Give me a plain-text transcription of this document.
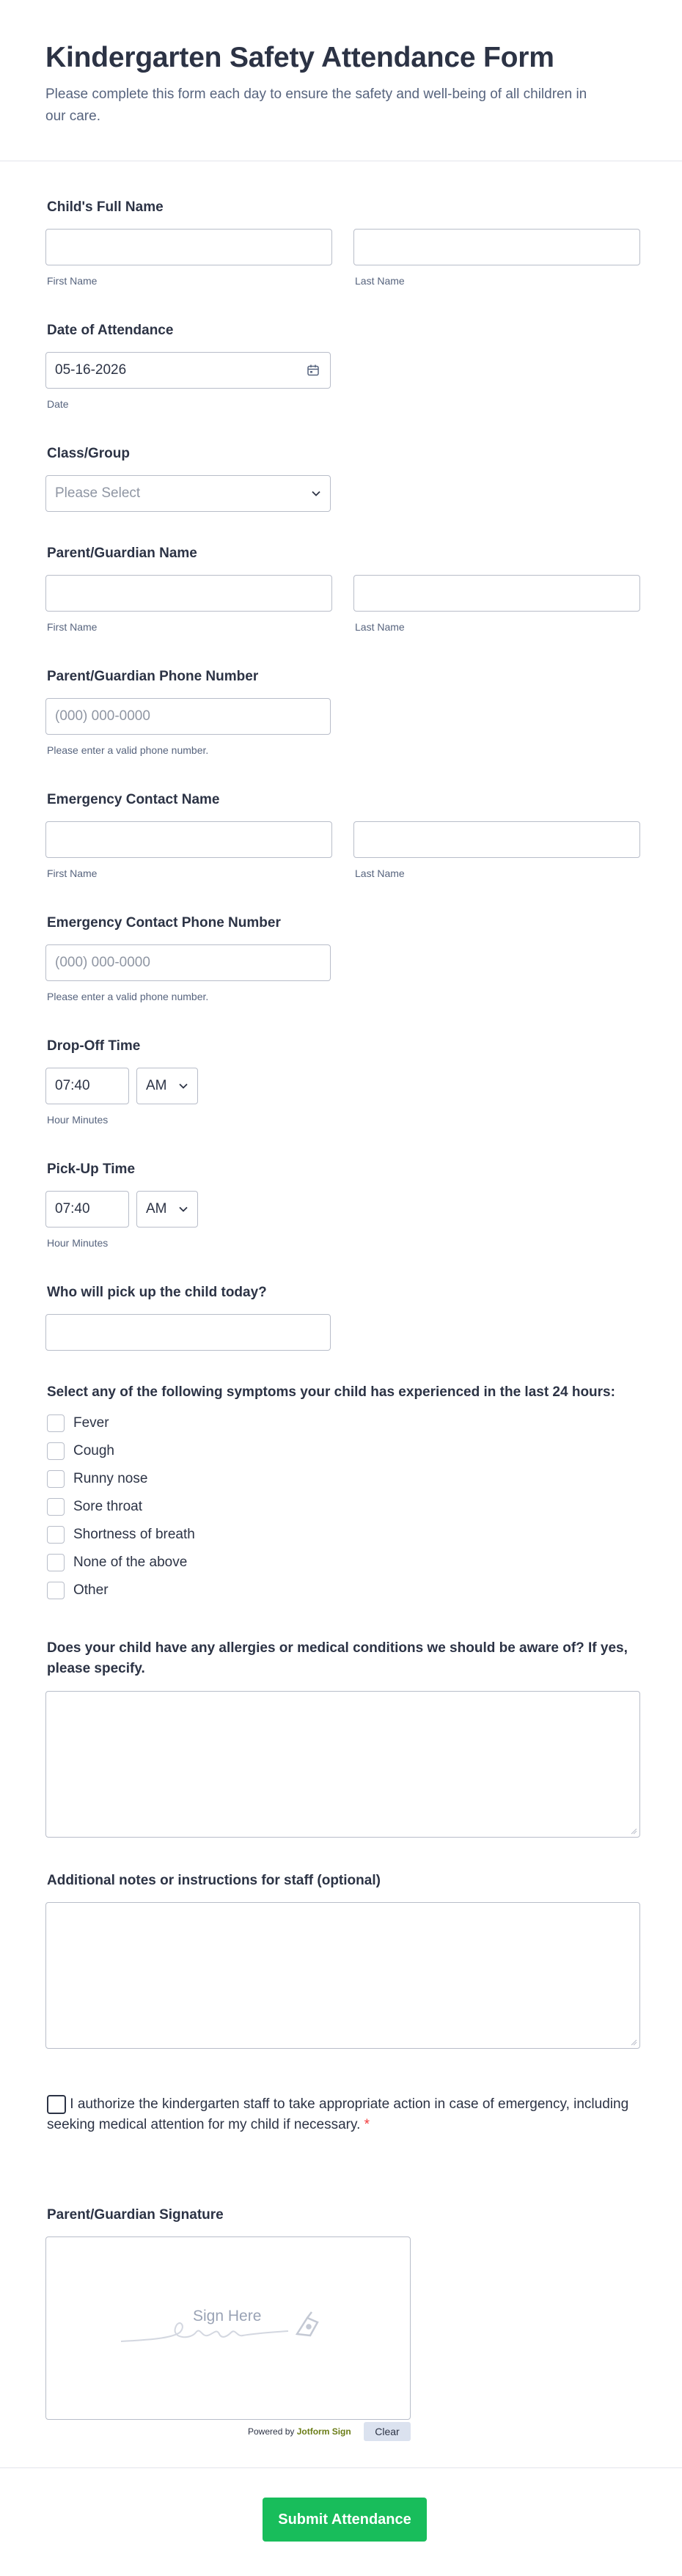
Kindergarten Safety Attendance Form
Please complete this form each day to ensure the safety and well-being of all children in our care.
Child's Full Name
First Name	Last Name
Date of Attendance
05-16-2026
Date
Class/Group
Please Select
Parent/Guardian Name
First Name	Last Name
Parent/Guardian Phone Number
(000) 000-0000
Please enter a valid phone number.
Emergency Contact Name
First Name	Last Name
Emergency Contact Phone Number
(000) 000-0000
Please enter a valid phone number.
Drop-Off Time
07:40	AM
Hour Minutes
Pick-Up Time
07:40	AM
Hour Minutes
Who will pick up the child today?
Select any of the following symptoms your child has experienced in the last 24 hours:
Fever
Cough
Runny nose
Sore throat
Shortness of breath
None of the above
Other
Does your child have any allergies or medical conditions we should be aware of? If yes, please specify.
Additional notes or instructions for staff (optional)
I authorize the kindergarten staff to take appropriate action in case of emergency, including seeking medical attention for my child if necessary. *
Parent/Guardian Signature
Sign Here
Powered by Jotform Sign	Clear
Submit Attendance
